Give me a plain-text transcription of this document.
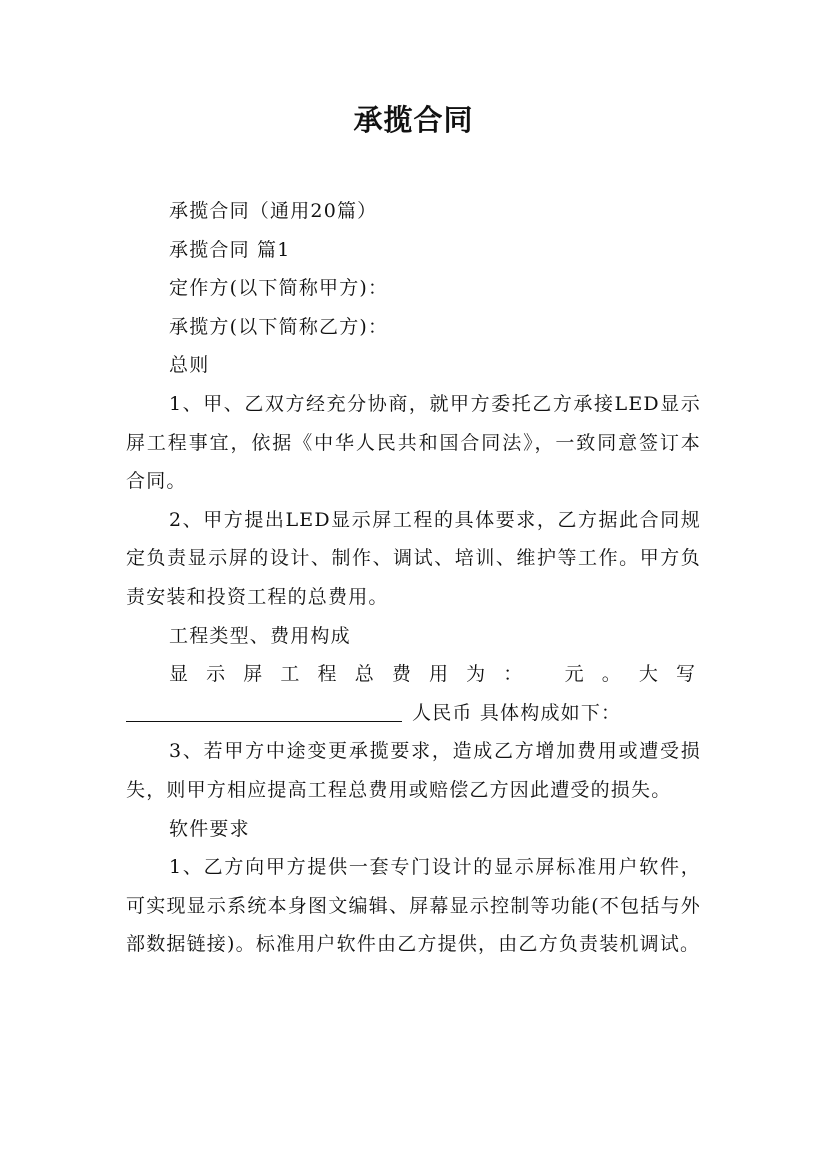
承揽合同

承揽合同（通用20篇）

承揽合同 篇1

定作方(以下简称甲方)：

承揽方(以下简称乙方)：

总则

1、甲、乙双方经充分协商，就甲方委托乙方承接LED显示屏工程事宜，依据《中华人民共和国合同法》，一致同意签订本合同。

2、甲方提出LED显示屏工程的具体要求，乙方据此合同规定负责显示屏的设计、制作、调试、培训、维护等工作。甲方负责安装和投资工程的总费用。

工程类型、费用构成

显示屏工程总费用为： 元。大写

人民币 具体构成如下：

3、若甲方中途变更承揽要求，造成乙方增加费用或遭受损失，则甲方相应提高工程总费用或赔偿乙方因此遭受的损失。

软件要求

1、乙方向甲方提供一套专门设计的显示屏标准用户软件，可实现显示系统本身图文编辑、屏幕显示控制等功能(不包括与外部数据链接)。标准用户软件由乙方提供，由乙方负责装机调试。
